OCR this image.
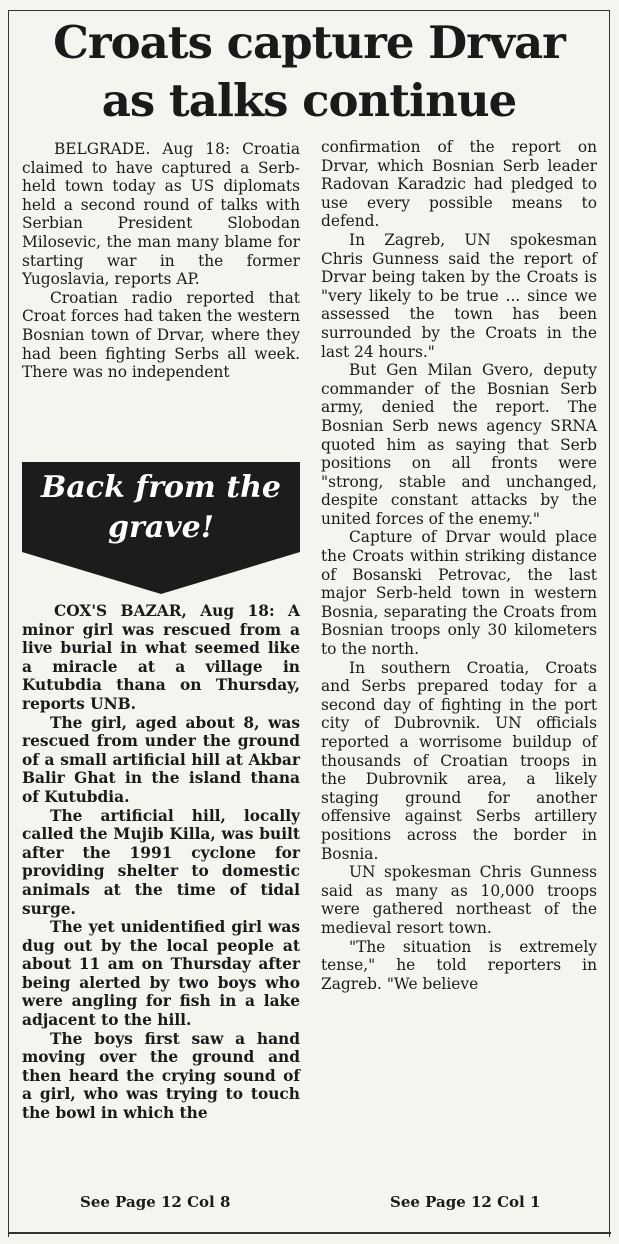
Croats capture Drvar
as talks continue

BELGRADE. Aug 18: Croatia claimed to have captured a Serb-held town today as US diplomats held a second round of talks with Serbian President Slobodan Milosevic, the man many blame for starting war in the former Yugoslavia, reports AP.

Croatian radio reported that Croat forces had taken the western Bosnian town of Drvar, where they had been fighting Serbs all week. There was no independent

Back from the
grave!

COX'S BAZAR, Aug 18: A minor girl was rescued from a live burial in what seemed like a miracle at a village in Kutubdia thana on Thursday, reports UNB.

The girl, aged about 8, was rescued from under the ground of a small artificial hill at Akbar Balir Ghat in the island thana of Kutubdia.

The artificial hill, locally called the Mujib Killa, was built after the 1991 cyclone for providing shelter to domestic animals at the time of tidal surge.

The yet unidentified girl was dug out by the local people at about 11 am on Thursday after being alerted by two boys who were angling for fish in a lake adjacent to the hill.

The boys first saw a hand moving over the ground and then heard the crying sound of a girl, who was trying to touch the bowl in which the

confirmation of the report on Drvar, which Bosnian Serb leader Radovan Karadzic had pledged to use every possible means to defend.

In Zagreb, UN spokesman Chris Gunness said the report of Drvar being taken by the Croats is "very likely to be true ... since we assessed the town has been surrounded by the Croats in the last 24 hours."

But Gen Milan Gvero, deputy commander of the Bosnian Serb army, denied the report. The Bosnian Serb news agency SRNA quoted him as saying that Serb positions on all fronts were "strong, stable and unchanged, despite constant attacks by the united forces of the enemy."

Capture of Drvar would place the Croats within striking distance of Bosanski Petrovac, the last major Serb-held town in western Bosnia, separating the Croats from Bosnian troops only 30 kilometers to the north.

In southern Croatia, Croats and Serbs prepared today for a second day of fighting in the port city of Dubrovnik. UN officials reported a worrisome buildup of thousands of Croatian troops in the Dubrovnik area, a likely staging ground for another offensive against Serbs artillery positions across the border in Bosnia.

UN spokesman Chris Gunness said as many as 10,000 troops were gathered northeast of the medieval resort town.

"The situation is extremely tense," he told reporters in Zagreb. "We believe

See Page 12 Col 8	See Page 12 Col 1
